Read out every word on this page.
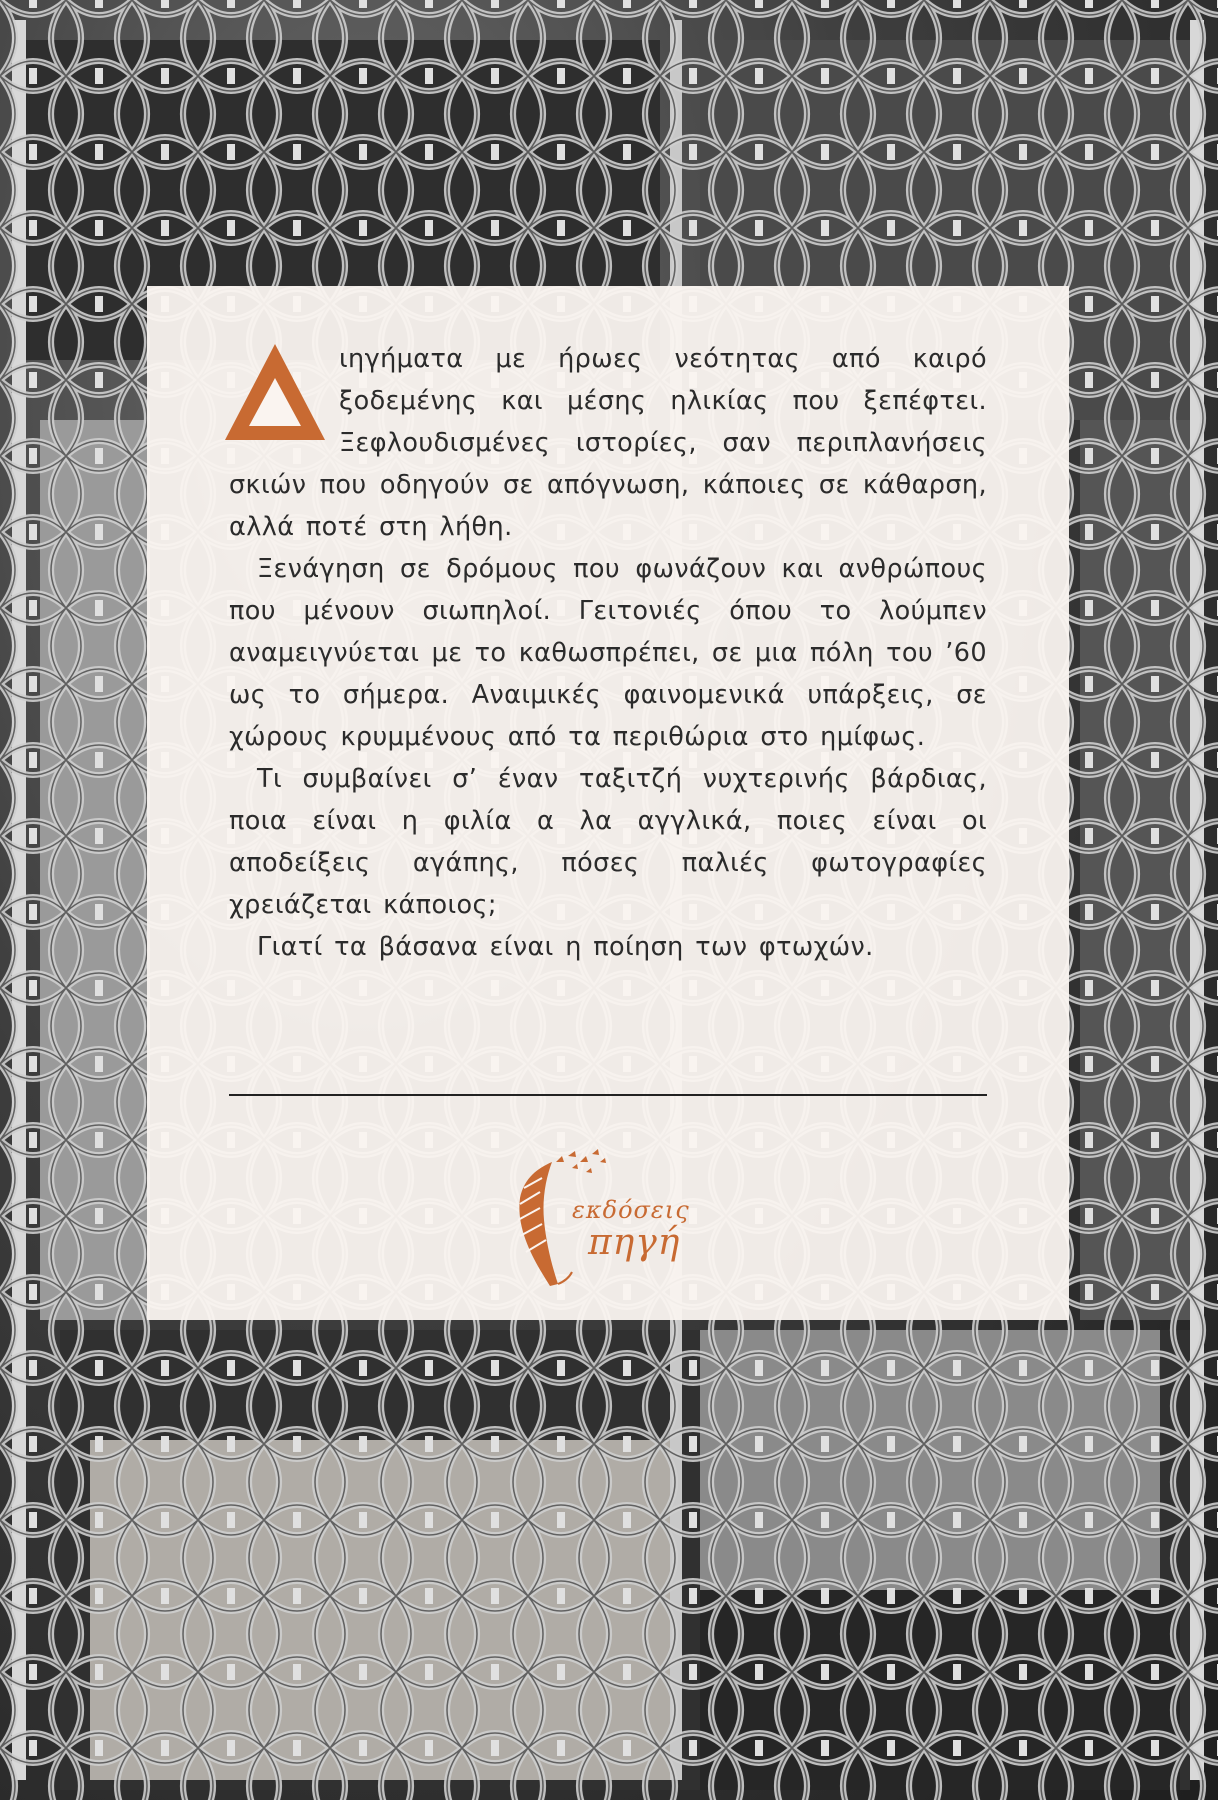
ιηγήματα με ήρωες νεότητας από καιρό ξοδεμένης και μέσης ηλικίας που ξεπέφτει. Ξεφλουδισμένες ιστορίες, σαν περιπλανήσεις σκιών που οδηγούν σε απόγνωση, κάποιες σε κάθαρση, αλλά ποτέ στη λήθη.

Ξενάγηση σε δρόμους που φωνάζουν και ανθρώπους που μένουν σιωπηλοί. Γειτονιές όπου το λούμπεν αναμειγνύεται με το καθωσπρέπει, σε μια πόλη του ’60 ως το σήμερα. Αναιμικές φαινομενικά υπάρξεις, σε χώρους κρυμμένους από τα περιθώρια στο ημίφως.

Τι συμβαίνει σ’ έναν ταξιτζή νυχτερινής βάρδιας, ποια είναι η φιλία α λα αγγλικά, ποιες είναι οι αποδείξεις αγάπης, πόσες παλιές φωτογραφίες χρειάζεται κάποιος;

Γιατί τα βάσανα είναι η ποίηση των φτωχών.

εκδόσεις
πηγή
